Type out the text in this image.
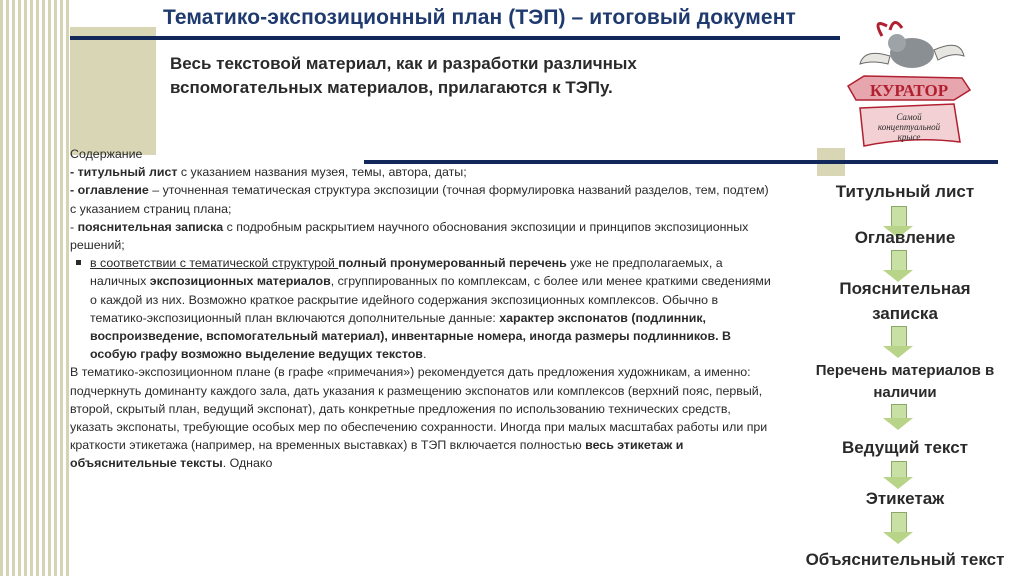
Тематико-экспозиционный план (ТЭП) – итоговый документ
Весь текстовой материал, как и разработки различных
вспомогательных материалов, прилагаются к ТЭПу.	КУРАТОР
Самой
концептуальной
крысе

Содержание

- титульный лист с указанием названия музея, темы, автора, даты;

- оглавление – уточненная тематическая структура экспозиции (точная формулировка названий разделов, тем, подтем) с указанием страниц плана;

- пояснительная записка с подробным раскрытием научного обоснования экспозиции и принципов экспозиционных решений;

в соответствии с тематической структурой полный пронумерованный перечень уже не предполагаемых, а наличных экспозиционных материалов, сгруппированных по комплексам, с более или менее краткими сведениями о каждой из них. Возможно краткое раскрытие идейного содержания экспозиционных комплексов. Обычно в тематико-экспозиционный план включаются дополнительные данные: характер экспонатов (подлинник, воспроизведение, вспомогательный материал), инвентарные номера, иногда размеры подлинников. В особую графу возможно выделение ведущих текстов.

В тематико-экспозиционном плане (в графе «примечания») рекомендуется дать предложения художникам, а именно: подчеркнуть доминанту каждого зала, дать указания к размещению экспонатов или комплексов (верхний пояс, первый, второй, скрытый план, ведущий экспонат), дать конкретные предложения по использованию технических средств, указать экспонаты, требующие особых мер по обеспечению сохранности. Иногда при малых масштабах работы или при краткости этикетажа (например, на временных выставках) в ТЭП включается полностью весь этикетаж и объяснительные тексты. Однако

Титульный лист
Оглавление
Пояснительная записка
Перечень материалов в наличии
Ведущий текст
Этикетаж
Объяснительный текст
